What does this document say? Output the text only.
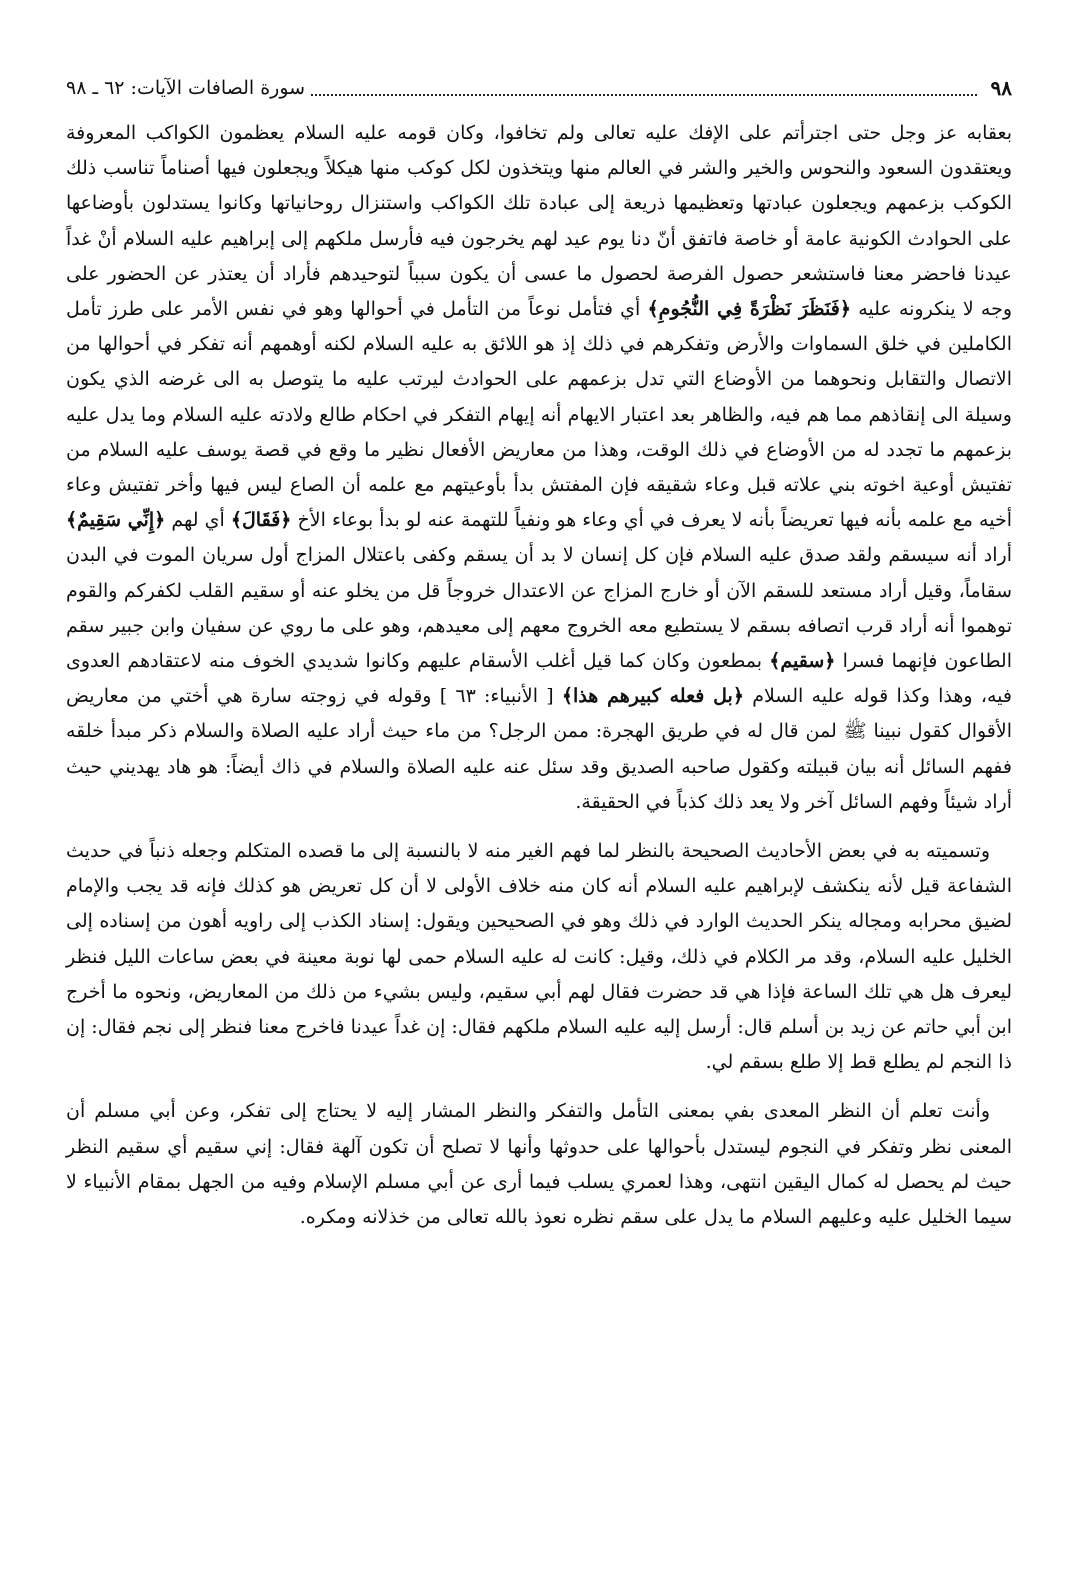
٩٨
سورة الصافات الآيات: ٦٢ ـ ٩٨

بعقابه عز وجل حتى اجترأتم على الإفك عليه تعالى ولم تخافوا، وكان قومه عليه السلام يعظمون الكواكب المعروفة ويعتقدون السعود والنحوس والخير والشر في العالم منها ويتخذون لكل كوكب منها هيكلاً ويجعلون فيها أصناماً تناسب ذلك الكوكب بزعمهم ويجعلون عبادتها وتعظيمها ذريعة إلى عبادة تلك الكواكب واستنزال روحانياتها وكانوا يستدلون بأوضاعها على الحوادث الكونية عامة أو خاصة فاتفق أنّ دنا يوم عيد لهم يخرجون فيه فأرسل ملكهم إلى إبراهيم عليه السلام أنْ غداً عيدنا فاحضر معنا فاستشعر حصول الفرصة لحصول ما عسى أن يكون سبباً لتوحيدهم فأراد أن يعتذر عن الحضور على وجه لا ينكرونه عليه ﴿فَنَظَرَ نَظْرَةً فِي النُّجُومِ﴾ أي فتأمل نوعاً من التأمل في أحوالها وهو في نفس الأمر على طرز تأمل الكاملين في خلق السماوات والأرض وتفكرهم في ذلك إذ هو اللائق به عليه السلام لكنه أوهمهم أنه تفكر في أحوالها من الاتصال والتقابل ونحوهما من الأوضاع التي تدل بزعمهم على الحوادث ليرتب عليه ما يتوصل به الى غرضه الذي يكون وسيلة الى إنقاذهم مما هم فيه، والظاهر بعد اعتبار الايهام أنه إيهام التفكر في احكام طالع ولادته عليه السلام وما يدل عليه بزعمهم ما تجدد له من الأوضاع في ذلك الوقت، وهذا من معاريض الأفعال نظير ما وقع في قصة يوسف عليه السلام من تفتيش أوعية اخوته بني علاته قبل وعاء شقيقه فإن المفتش بدأ بأوعيتهم مع علمه أن الصاع ليس فيها وأخر تفتيش وعاء أخيه مع علمه بأنه فيها تعريضاً بأنه لا يعرف في أي وعاء هو ونفياً للتهمة عنه لو بدأ بوعاء الأخ ﴿فَقَالَ﴾ أي لهم ﴿إِنِّي سَقِيمٌ﴾ أراد أنه سيسقم ولقد صدق عليه السلام فإن كل إنسان لا بد أن يسقم وكفى باعتلال المزاج أول سريان الموت في البدن سقاماً، وقيل أراد مستعد للسقم الآن أو خارج المزاج عن الاعتدال خروجاً قل من يخلو عنه أو سقيم القلب لكفركم والقوم توهموا أنه أراد قرب اتصافه بسقم لا يستطيع معه الخروج معهم إلى معيدهم، وهو على ما روي عن سفيان وابن جبير سقم الطاعون فإنهما فسرا ﴿سقيم﴾ بمطعون وكان كما قيل أغلب الأسقام عليهم وكانوا شديدي الخوف منه لاعتقادهم العدوى فيه، وهذا وكذا قوله عليه السلام ﴿بل فعله كبيرهم هذا﴾ [ الأنبياء: ٦٣ ] وقوله في زوجته سارة هي أختي من معاريض الأقوال كقول نبينا ﷺ لمن قال له في طريق الهجرة: ممن الرجل؟ من ماء حيث أراد عليه الصلاة والسلام ذكر مبدأ خلقه ففهم السائل أنه بيان قبيلته وكقول صاحبه الصديق وقد سئل عنه عليه الصلاة والسلام في ذاك أيضاً: هو هاد يهديني حيث أراد شيئاً وفهم السائل آخر ولا يعد ذلك كذباً في الحقيقة.

وتسميته به في بعض الأحاديث الصحيحة بالنظر لما فهم الغير منه لا بالنسبة إلى ما قصده المتكلم وجعله ذنباً في حديث الشفاعة قيل لأنه ينكشف لإبراهيم عليه السلام أنه كان منه خلاف الأولى لا أن كل تعريض هو كذلك فإنه قد يجب والإمام لضيق محرابه ومجاله ينكر الحديث الوارد في ذلك وهو في الصحيحين ويقول: إسناد الكذب إلى راويه أهون من إسناده إلى الخليل عليه السلام، وقد مر الكلام في ذلك، وقيل: كانت له عليه السلام حمى لها نوبة معينة في بعض ساعات الليل فنظر ليعرف هل هي تلك الساعة فإذا هي قد حضرت فقال لهم أبي سقيم، وليس بشيء من ذلك من المعاريض، ونحوه ما أخرج ابن أبي حاتم عن زيد بن أسلم قال: أرسل إليه عليه السلام ملكهم فقال: إن غداً عيدنا فاخرج معنا فنظر إلى نجم فقال: إن ذا النجم لم يطلع قط إلا طلع بسقم لي.

وأنت تعلم أن النظر المعدى بفي بمعنى التأمل والتفكر والنظر المشار إليه لا يحتاج إلى تفكر، وعن أبي مسلم أن المعنى نظر وتفكر في النجوم ليستدل بأحوالها على حدوثها وأنها لا تصلح أن تكون آلهة فقال: إني سقيم أي سقيم النظر حيث لم يحصل له كمال اليقين انتهى، وهذا لعمري يسلب فيما أرى عن أبي مسلم الإسلام وفيه من الجهل بمقام الأنبياء لا سيما الخليل عليه وعليهم السلام ما يدل على سقم نظره نعوذ بالله تعالى من خذلانه ومكره.
